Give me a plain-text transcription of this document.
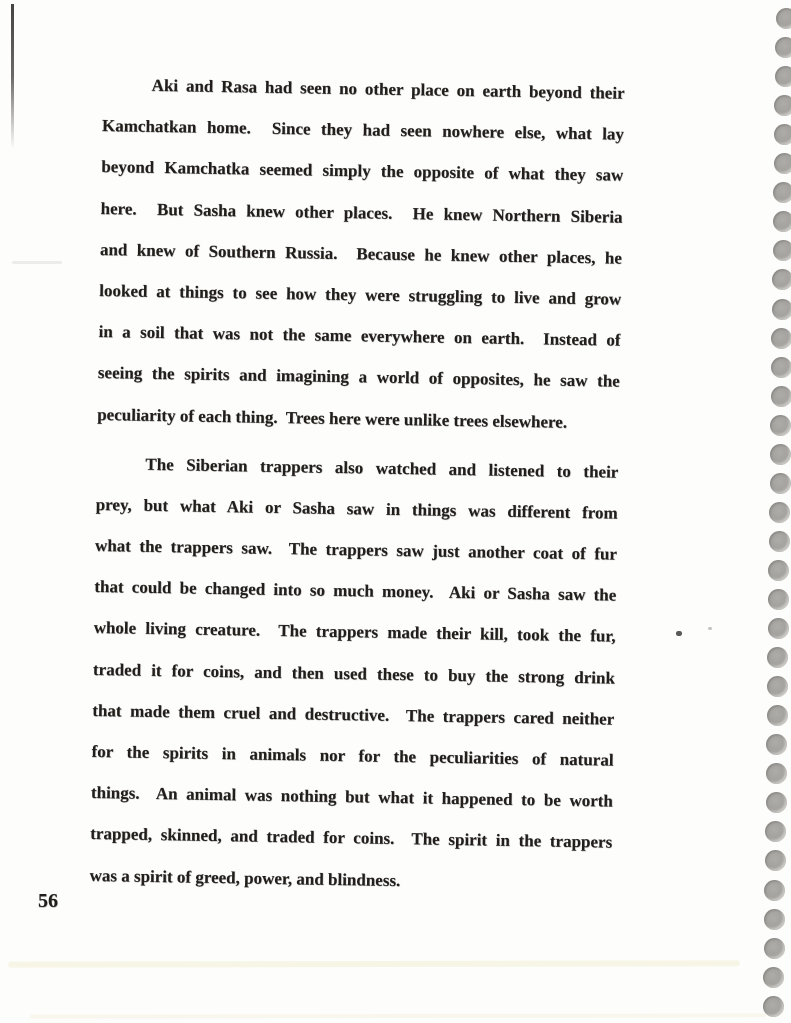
Aki and Rasa had seen no other place on earth beyond their
Kamchatkan home.  Since they had seen nowhere else, what lay
beyond Kamchatka seemed simply the opposite of what they saw
here.  But Sasha knew other places.  He knew Northern Siberia
and knew of Southern Russia.  Because he knew other places, he
looked at things to see how they were struggling to live and grow
in a soil that was not the same everywhere on earth.  Instead of
seeing the spirits and imagining a world of opposites, he saw the
peculiarity of each thing.  Trees here were unlike trees elsewhere.
The Siberian trappers also watched and listened to their
prey, but what Aki or Sasha saw in things was different from
what the trappers saw.  The trappers saw just another coat of fur
that could be changed into so much money.  Aki or Sasha saw the
whole living creature.  The trappers made their kill, took the fur,
traded it for coins, and then used these to buy the strong drink
that made them cruel and destructive.  The trappers cared neither
for the spirits in animals nor for the peculiarities of natural
things.  An animal was nothing but what it happened to be worth
trapped, skinned, and traded for coins.  The spirit in the trappers
was a spirit of greed, power, and blindness.
56
